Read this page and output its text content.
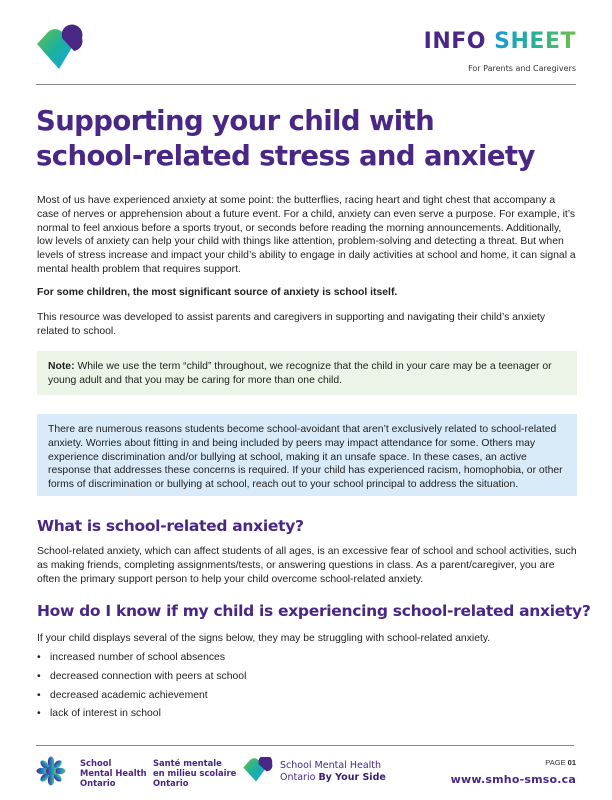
INFO SHEET
For Parents and Caregivers
Supporting your child with
school-related stress and anxiety

Most of us have experienced anxiety at some point: the butterflies, racing heart and tight chest that accompany a case of nerves or apprehension about a future event. For a child, anxiety can even serve a purpose. For example, it’s normal to feel anxious before a sports tryout, or seconds before reading the morning announcements. Additionally, low levels of anxiety can help your child with things like attention, problem-solving and detecting a threat. But when levels of stress increase and impact your child’s ability to engage in daily activities at school and home, it can signal a mental health problem that requires support.

For some children, the most significant source of anxiety is school itself.

This resource was developed to assist parents and caregivers in supporting and navigating their child’s anxiety related to school.

Note: While we use the term “child” throughout, we recognize that the child in your care may be a teenager or young adult and that you may be caring for more than one child.

There are numerous reasons students become school-avoidant that aren’t exclusively related to school-related anxiety. Worries about fitting in and being included by peers may impact attendance for some. Others may experience discrimination and/or bullying at school, making it an unsafe space. In these cases, an active response that addresses these concerns is required. If your child has experienced racism, homophobia, or other forms of discrimination or bullying at school, reach out to your school principal to address the situation.

What is school-related anxiety?

School-related anxiety, which can affect students of all ages, is an excessive fear of school and school activities, such as making friends, completing assignments/tests, or answering questions in class. As a parent/caregiver, you are often the primary support person to help your child overcome school-related anxiety.

How do I know if my child is experiencing school-related anxiety?

If your child displays several of the signs below, they may be struggling with school-related anxiety.

• increased number of school absences
• decreased connection with peers at school
• decreased academic achievement
• lack of interest in school
School
Mental Health
Ontario
Santé mentale
en milieu scolaire
Ontario
School Mental Health
Ontario By Your Side
PAGE 01
www.smho-smso.ca
